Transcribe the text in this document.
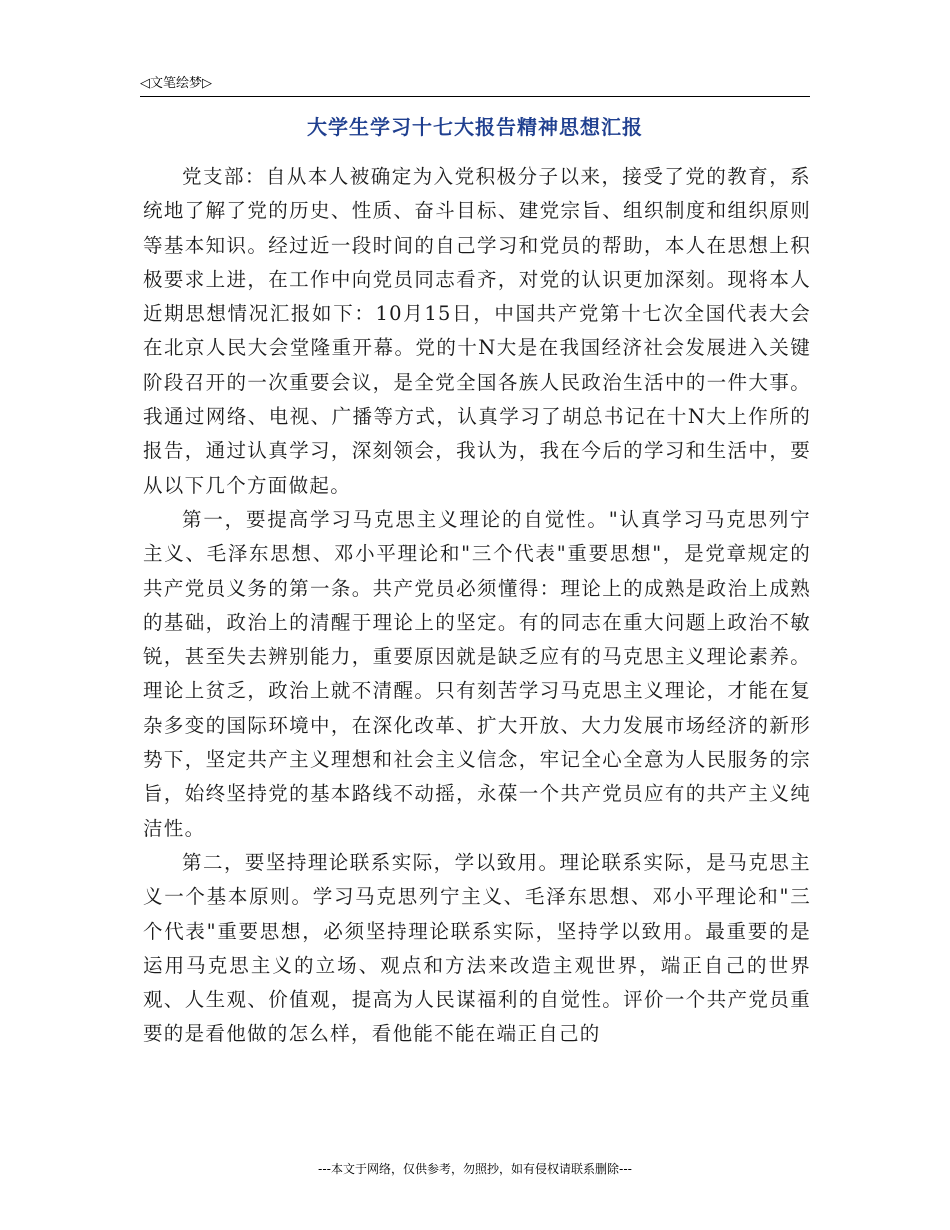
◁文笔绘梦▷
大学生学习十七大报告精神思想汇报

党支部：自从本人被确定为入党积极分子以来，接受了党的教育，系统地了解了党的历史、性质、奋斗目标、建党宗旨、组织制度和组织原则等基本知识。经过近一段时间的自己学习和党员的帮助，本人在思想上积极要求上进，在工作中向党员同志看齐，对党的认识更加深刻。现将本人近期思想情况汇报如下：10月15日，中国共产党第十七次全国代表大会在北京人民大会堂隆重开幕。党的十N大是在我国经济社会发展进入关键阶段召开的一次重要会议，是全党全国各族人民政治生活中的一件大事。我通过网络、电视、广播等方式，认真学习了胡总书记在十N大上作所的报告，通过认真学习，深刻领会，我认为，我在今后的学习和生活中，要从以下几个方面做起。

第一，要提高学习马克思主义理论的自觉性。"认真学习马克思列宁主义、毛泽东思想、邓小平理论和"三个代表"重要思想"，是党章规定的共产党员义务的第一条。共产党员必须懂得：理论上的成熟是政治上成熟的基础，政治上的清醒于理论上的坚定。有的同志在重大问题上政治不敏锐，甚至失去辨别能力，重要原因就是缺乏应有的马克思主义理论素养。理论上贫乏，政治上就不清醒。只有刻苦学习马克思主义理论，才能在复杂多变的国际环境中，在深化改革、扩大开放、大力发展市场经济的新形势下，坚定共产主义理想和社会主义信念，牢记全心全意为人民服务的宗旨，始终坚持党的基本路线不动摇，永葆一个共产党员应有的共产主义纯洁性。

第二，要坚持理论联系实际，学以致用。理论联系实际，是马克思主义一个基本原则。学习马克思列宁主义、毛泽东思想、邓小平理论和"三个代表"重要思想，必须坚持理论联系实际，坚持学以致用。最重要的是运用马克思主义的立场、观点和方法来改造主观世界，端正自己的世界观、人生观、价值观，提高为人民谋福利的自觉性。评价一个共产党员重要的是看他做的怎么样，看他能不能在端正自己的

---本文于网络，仅供参考，勿照抄，如有侵权请联系删除---
